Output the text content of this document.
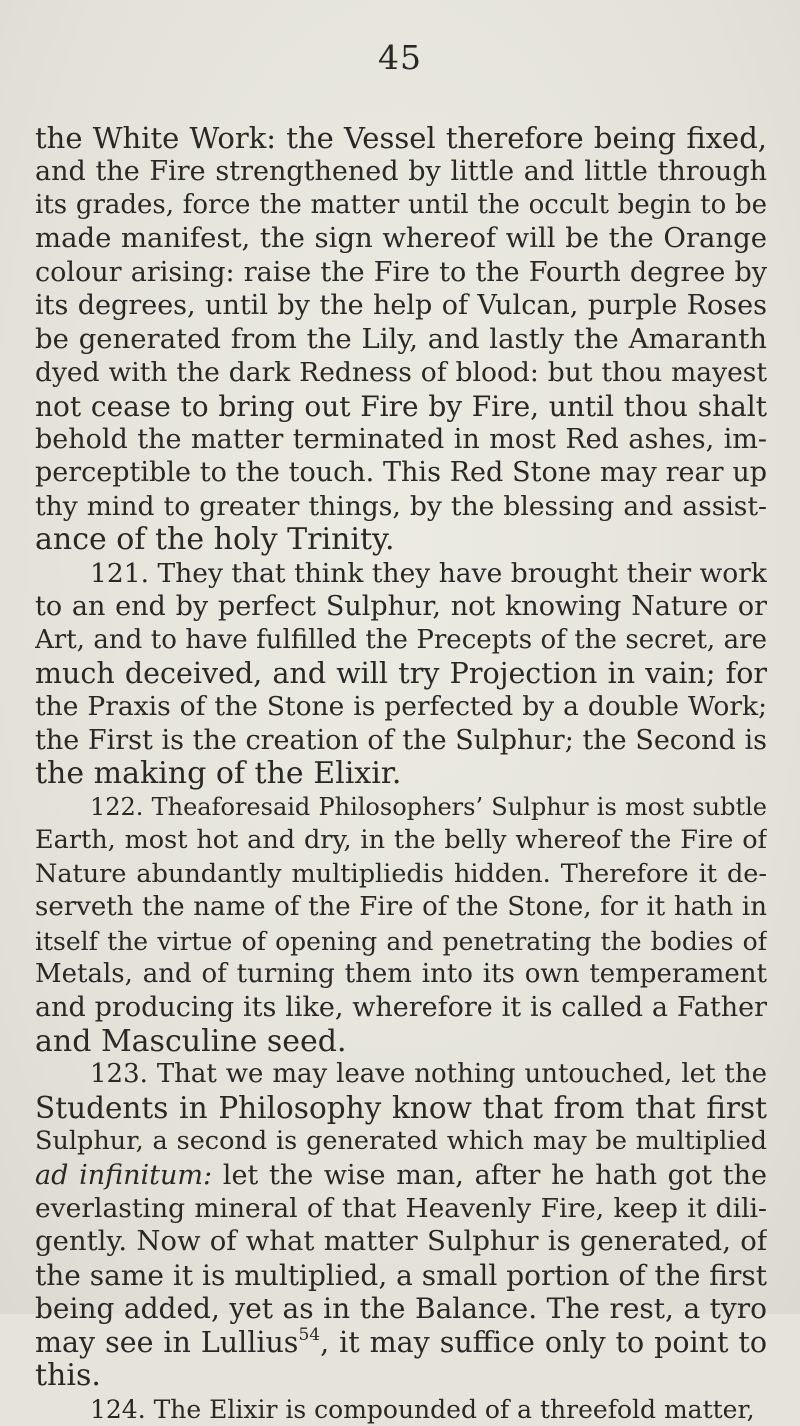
45
the White Work: the Vessel therefore being fixed,
and the Fire strengthened by little and little through
its grades, force the matter until the occult begin to be
made manifest, the sign whereof will be the Orange
colour arising: raise the Fire to the Fourth degree by
its degrees, until by the help of Vulcan, purple Roses
be generated from the Lily, and lastly the Amaranth
dyed with the dark Redness of blood: but thou mayest
not cease to bring out Fire by Fire, until thou shalt
behold the matter terminated in most Red ashes, im-
perceptible to the touch. This Red Stone may rear up
thy mind to greater things, by the blessing and assist-
ance of the holy Trinity.
121. They that think they have brought their work
to an end by perfect Sulphur, not knowing Nature or
Art, and to have fulfilled the Precepts of the secret, are
much deceived, and will try Projection in vain; for
the Praxis of the Stone is perfected by a double Work;
the First is the creation of the Sulphur; the Second is
the making of the Elixir.
122. Theaforesaid Philosophers’ Sulphur is most subtle
Earth, most hot and dry, in the belly whereof the Fire of
Nature abundantly multipliedis hidden. Therefore it de-
serveth the name of the Fire of the Stone, for it hath in
itself the virtue of opening and penetrating the bodies of
Metals, and of turning them into its own temperament
and producing its like, wherefore it is called a Father
and Masculine seed.
123. That we may leave nothing untouched, let the
Students in Philosophy know that from that first
Sulphur, a second is generated which may be multiplied
ad infinitum: let the wise man, after he hath got the
everlasting mineral of that Heavenly Fire, keep it dili-
gently. Now of what matter Sulphur is generated, of
the same it is multiplied, a small portion of the first
being added, yet as in the Balance. The rest, a tyro
may see in Lullius$^{54}$, it may suffice only to point to
this.
124. The Elixir is compounded of a threefold matter,
